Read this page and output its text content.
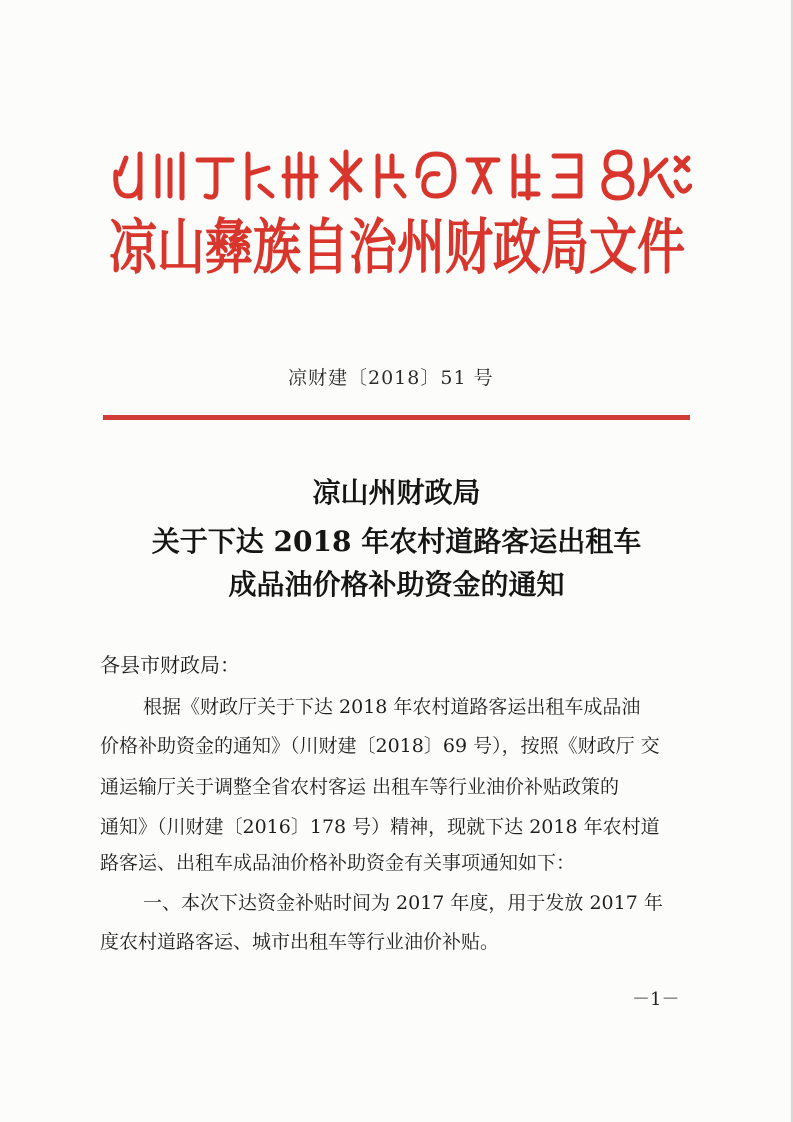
凉山彝族自治州财政局文件
凉财建〔2018〕51 号
凉山州财政局
关于下达 2018 年农村道路客运出租车
成品油价格补助资金的通知
各县市财政局：
根据《财政厅关于下达 2018 年农村道路客运出租车成品油
价格补助资金的通知》（川财建〔2018〕69 号），按照《财政厅 交
通运输厅关于调整全省农村客运 出租车等行业油价补贴政策的
通知》（川财建〔2016〕178 号）精神，现就下达 2018 年农村道
路客运、出租车成品油价格补助资金有关事项通知如下：
一、本次下达资金补贴时间为 2017 年度，用于发放 2017 年
度农村道路客运、城市出租车等行业油价补贴。
－1－
